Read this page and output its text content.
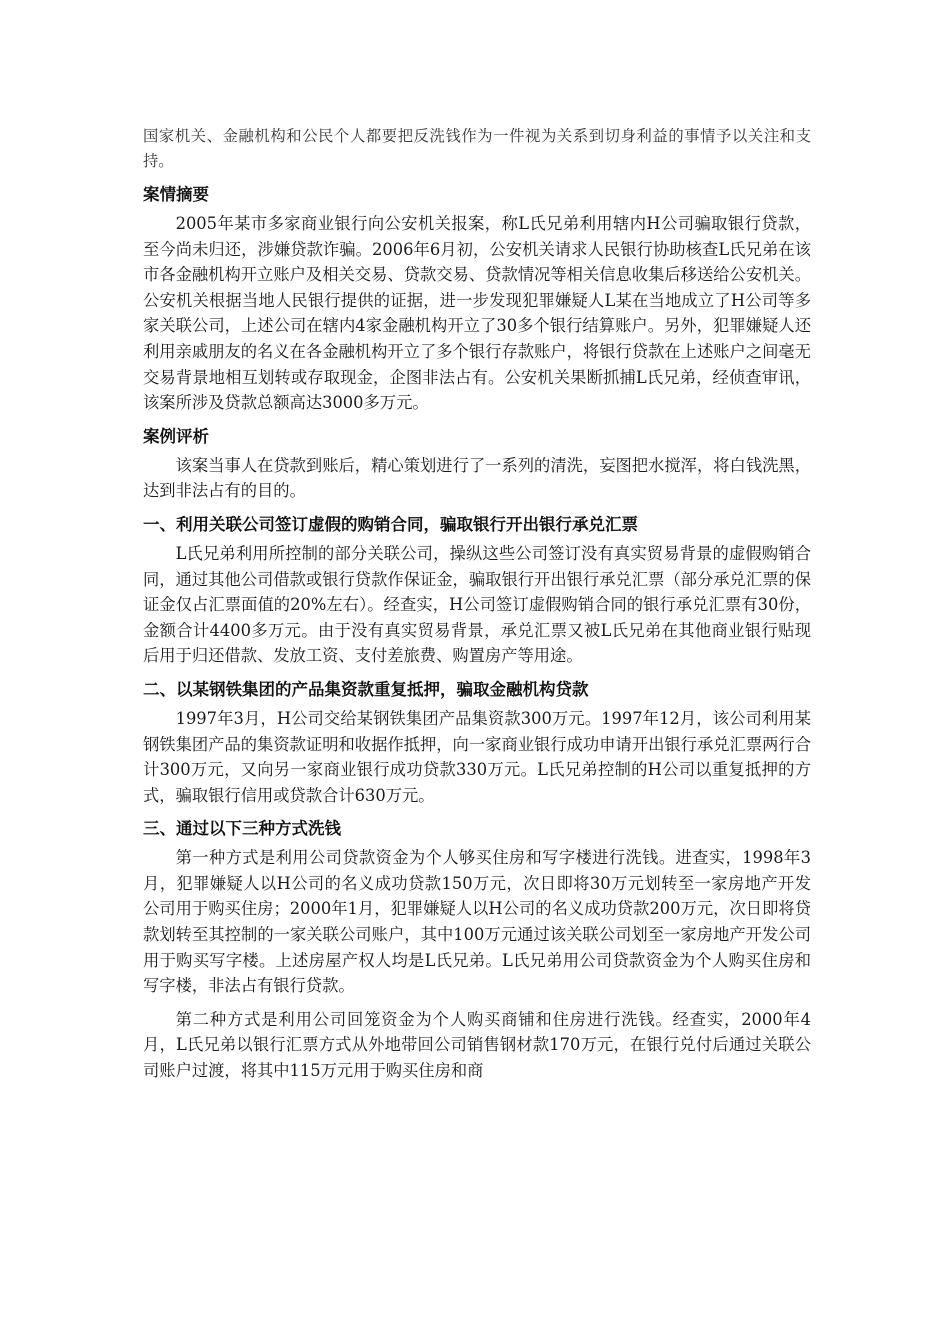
国家机关、金融机构和公民个人都要把反洗钱作为一件视为关系到切身利益的事情予以关注和支持。

案情摘要

2005年某市多家商业银行向公安机关报案，称L氏兄弟利用辖内H公司骗取银行贷款，至今尚未归还，涉嫌贷款诈骗。2006年6月初，公安机关请求人民银行协助核查L氏兄弟在该市各金融机构开立账户及相关交易、贷款交易、贷款情况等相关信息收集后移送给公安机关。公安机关根据当地人民银行提供的证据，进一步发现犯罪嫌疑人L某在当地成立了H公司等多家关联公司，上述公司在辖内4家金融机构开立了30多个银行结算账户。另外，犯罪嫌疑人还利用亲戚朋友的名义在各金融机构开立了多个银行存款账户，将银行贷款在上述账户之间毫无交易背景地相互划转或存取现金，企图非法占有。公安机关果断抓捕L氏兄弟，经侦查审讯，该案所涉及贷款总额高达3000多万元。

案例评析

该案当事人在贷款到账后，精心策划进行了一系列的清洗，妄图把水搅浑，将白钱洗黑，达到非法占有的目的。

一、利用关联公司签订虚假的购销合同，骗取银行开出银行承兑汇票

L氏兄弟利用所控制的部分关联公司，操纵这些公司签订没有真实贸易背景的虚假购销合同，通过其他公司借款或银行贷款作保证金，骗取银行开出银行承兑汇票（部分承兑汇票的保证金仅占汇票面值的20%左右）。经查实，H公司签订虚假购销合同的银行承兑汇票有30份，金额合计4400多万元。由于没有真实贸易背景，承兑汇票又被L氏兄弟在其他商业银行贴现后用于归还借款、发放工资、支付差旅费、购置房产等用途。

二、以某钢铁集团的产品集资款重复抵押，骗取金融机构贷款

1997年3月，H公司交给某钢铁集团产品集资款300万元。1997年12月，该公司利用某钢铁集团产品的集资款证明和收据作抵押，向一家商业银行成功申请开出银行承兑汇票两行合计300万元，又向另一家商业银行成功贷款330万元。L氏兄弟控制的H公司以重复抵押的方式，骗取银行信用或贷款合计630万元。

三、通过以下三种方式洗钱

第一种方式是利用公司贷款资金为个人够买住房和写字楼进行洗钱。进查实，1998年3月，犯罪嫌疑人以H公司的名义成功贷款150万元，次日即将30万元划转至一家房地产开发公司用于购买住房；2000年1月，犯罪嫌疑人以H公司的名义成功贷款200万元，次日即将贷款划转至其控制的一家关联公司账户，其中100万元通过该关联公司划至一家房地产开发公司用于购买写字楼。上述房屋产权人均是L氏兄弟。L氏兄弟用公司贷款资金为个人购买住房和写字楼，非法占有银行贷款。

第二种方式是利用公司回笼资金为个人购买商铺和住房进行洗钱。经查实，2000年4月，L氏兄弟以银行汇票方式从外地带回公司销售钢材款170万元，在银行兑付后通过关联公司账户过渡，将其中115万元用于购买住房和商
